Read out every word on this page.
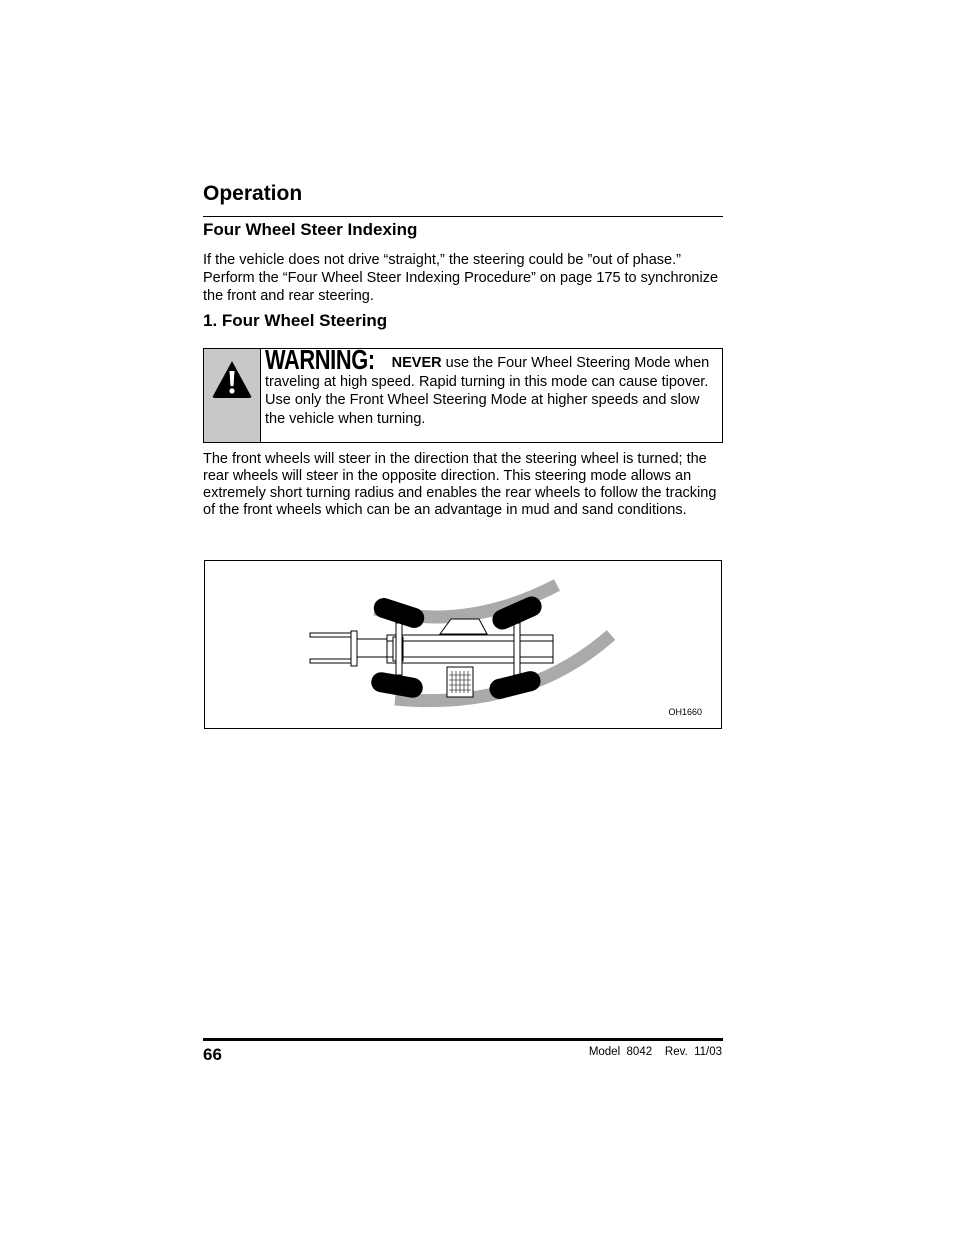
Operation
Four Wheel Steer Indexing

If the vehicle does not drive “straight,” the steering could be ”out of phase.” Perform the “Four Wheel Steer Indexing Procedure” on page 175 to synchronize the front and rear steering.

1. Four Wheel Steering
WARNING: NEVER use the Four Wheel Steering Mode when traveling at high speed. Rapid turning in this mode can cause tipover. Use only the Front Wheel Steering Mode at higher speeds and slow the vehicle when turning.

The front wheels will steer in the direction that the steering wheel is turned; the rear wheels will steer in the opposite direction. This steering mode allows an extremely short turning radius and enables the rear wheels to follow the tracking of the front wheels which can be an advantage in mud and sand conditions.

OH1660
66	Model  8042    Rev.  11/03
